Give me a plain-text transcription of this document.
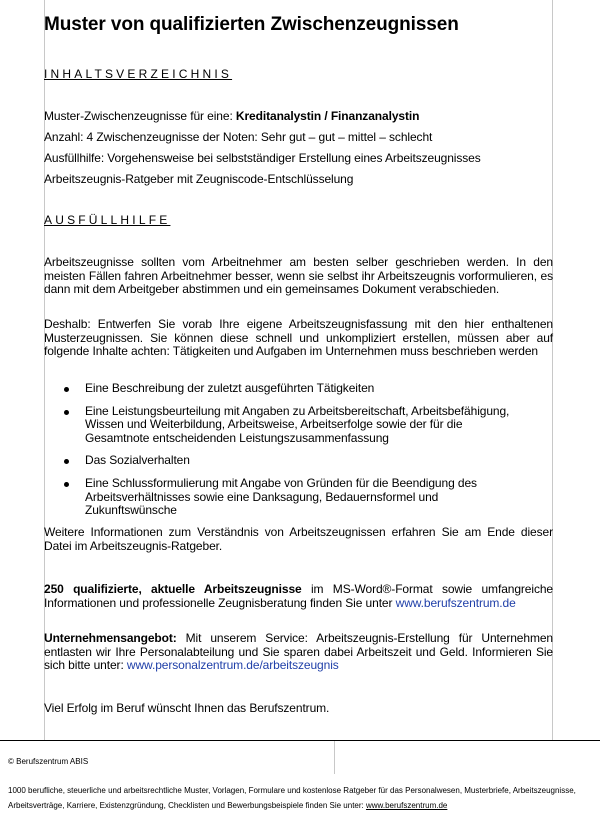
Muster von qualifizierten Zwischenzeugnissen

INHALTSVERZEICHNIS

Muster-Zwischenzeugnisse für eine: Kreditanalystin / Finanzanalystin

Anzahl: 4 Zwischenzeugnisse der Noten: Sehr gut – gut – mittel – schlecht

Ausfüllhilfe: Vorgehensweise bei selbstständiger Erstellung eines Arbeitszeugnisses

Arbeitszeugnis-Ratgeber mit Zeugniscode-Entschlüsselung

AUSFÜLLHILFE

Arbeitszeugnisse sollten vom Arbeitnehmer am besten selber geschrieben werden. In den meisten Fällen fahren Arbeitnehmer besser, wenn sie selbst ihr Arbeitszeugnis vorformulieren, es dann mit dem Arbeitgeber abstimmen und ein gemeinsames Dokument verabschieden.

Deshalb: Entwerfen Sie vorab Ihre eigene Arbeitszeugnisfassung mit den hier enthaltenen Musterzeugnissen. Sie können diese schnell und unkompliziert erstellen, müssen aber auf folgende Inhalte achten: Tätigkeiten und Aufgaben im Unternehmen muss beschrieben werden

Eine Beschreibung der zuletzt ausgeführten Tätigkeiten
Eine Leistungsbeurteilung mit Angaben zu Arbeitsbereitschaft, Arbeitsbefähigung, Wissen und Weiterbildung, Arbeitsweise, Arbeitserfolge sowie der für die Gesamtnote entscheidenden Leistungszusammenfassung
Das Sozialverhalten
Eine Schlussformulierung mit Angabe von Gründen für die Beendigung des Arbeitsverhältnisses sowie eine Danksagung, Bedauernsformel und Zukunftswünsche

Weitere Informationen zum Verständnis von Arbeitszeugnissen erfahren Sie am Ende dieser Datei im Arbeitszeugnis-Ratgeber.

250 qualifizierte, aktuelle Arbeitszeugnisse im MS-Word®-Format sowie umfangreiche Informationen und professionelle Zeugnisberatung finden Sie unter www.berufszentrum.de

Unternehmensangebot: Mit unserem Service: Arbeitszeugnis-Erstellung für Unternehmen entlasten wir Ihre Personalabteilung und Sie sparen dabei Arbeitszeit und Geld. Informieren Sie sich bitte unter: www.personalzentrum.de/arbeitszeugnis

Viel Erfolg im Beruf wünscht Ihnen das Berufszentrum.

© Berufszentrum ABIS
1000 berufliche, steuerliche und arbeitsrechtliche Muster, Vorlagen, Formulare und kostenlose Ratgeber für das Personalwesen, Musterbriefe, Arbeitszeugnisse, Arbeitsverträge, Karriere, Existenzgründung, Checklisten und Bewerbungsbeispiele finden Sie unter: www.berufszentrum.de
